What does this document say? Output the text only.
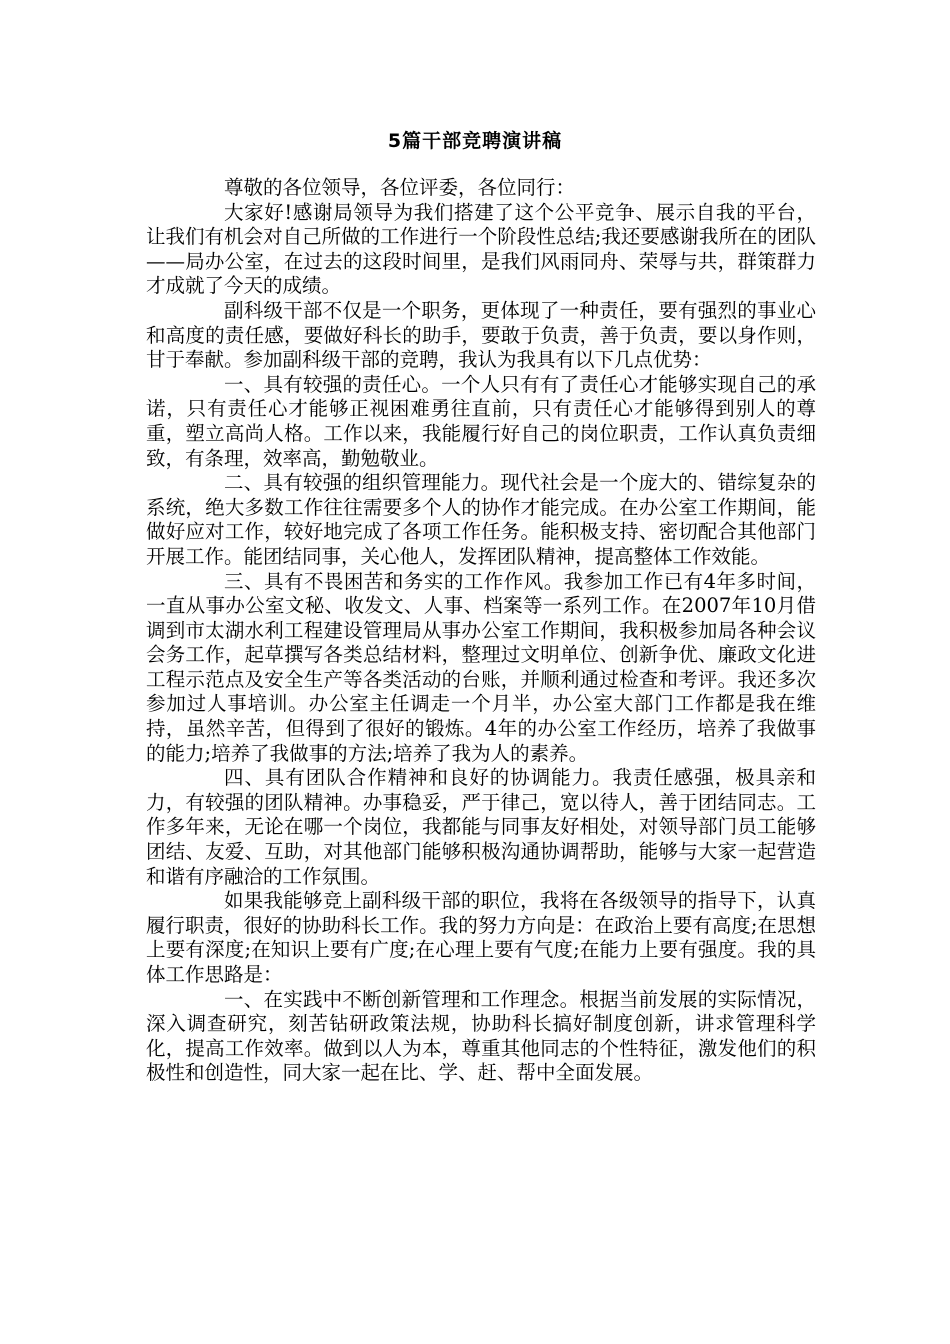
5篇干部竞聘演讲稿

尊敬的各位领导，各位评委，各位同行：

大家好!感谢局领导为我们搭建了这个公平竞争、展示自我的平台，让我们有机会对自己所做的工作进行一个阶段性总结;我还要感谢我所在的团队——局办公室，在过去的这段时间里，是我们风雨同舟、荣辱与共，群策群力才成就了今天的成绩。

副科级干部不仅是一个职务，更体现了一种责任，要有强烈的事业心和高度的责任感，要做好科长的助手，要敢于负责，善于负责，要以身作则，甘于奉献。参加副科级干部的竞聘，我认为我具有以下几点优势：

一、具有较强的责任心。一个人只有有了责任心才能够实现自己的承诺，只有责任心才能够正视困难勇往直前，只有责任心才能够得到别人的尊重，塑立高尚人格。工作以来，我能履行好自己的岗位职责，工作认真负责细致，有条理，效率高，勤勉敬业。

二、具有较强的组织管理能力。现代社会是一个庞大的、错综复杂的系统，绝大多数工作往往需要多个人的协作才能完成。在办公室工作期间，能做好应对工作，较好地完成了各项工作任务。能积极支持、密切配合其他部门开展工作。能团结同事，关心他人，发挥团队精神，提高整体工作效能。

三、具有不畏困苦和务实的工作作风。我参加工作已有4年多时间，一直从事办公室文秘、收发文、人事、档案等一系列工作。在2007年10月借调到市太湖水利工程建设管理局从事办公室工作期间，我积极参加局各种会议会务工作，起草撰写各类总结材料，整理过文明单位、创新争优、廉政文化进工程示范点及安全生产等各类活动的台账，并顺利通过检查和考评。我还多次参加过人事培训。办公室主任调走一个月半，办公室大部门工作都是我在维持，虽然辛苦，但得到了很好的锻炼。4年的办公室工作经历，培养了我做事的能力;培养了我做事的方法;培养了我为人的素养。

四、具有团队合作精神和良好的协调能力。我责任感强，极具亲和力，有较强的团队精神。办事稳妥，严于律己，宽以待人，善于团结同志。工作多年来，无论在哪一个岗位，我都能与同事友好相处，对领导部门员工能够团结、友爱、互助，对其他部门能够积极沟通协调帮助，能够与大家一起营造和谐有序融洽的工作氛围。

如果我能够竞上副科级干部的职位，我将在各级领导的指导下，认真履行职责，很好的协助科长工作。我的努力方向是：在政治上要有高度;在思想上要有深度;在知识上要有广度;在心理上要有气度;在能力上要有强度。我的具体工作思路是：

一、在实践中不断创新管理和工作理念。根据当前发展的实际情况，深入调查研究，刻苦钻研政策法规，协助科长搞好制度创新，讲求管理科学化，提高工作效率。做到以人为本，尊重其他同志的个性特征，激发他们的积极性和创造性，同大家一起在比、学、赶、帮中全面发展。
